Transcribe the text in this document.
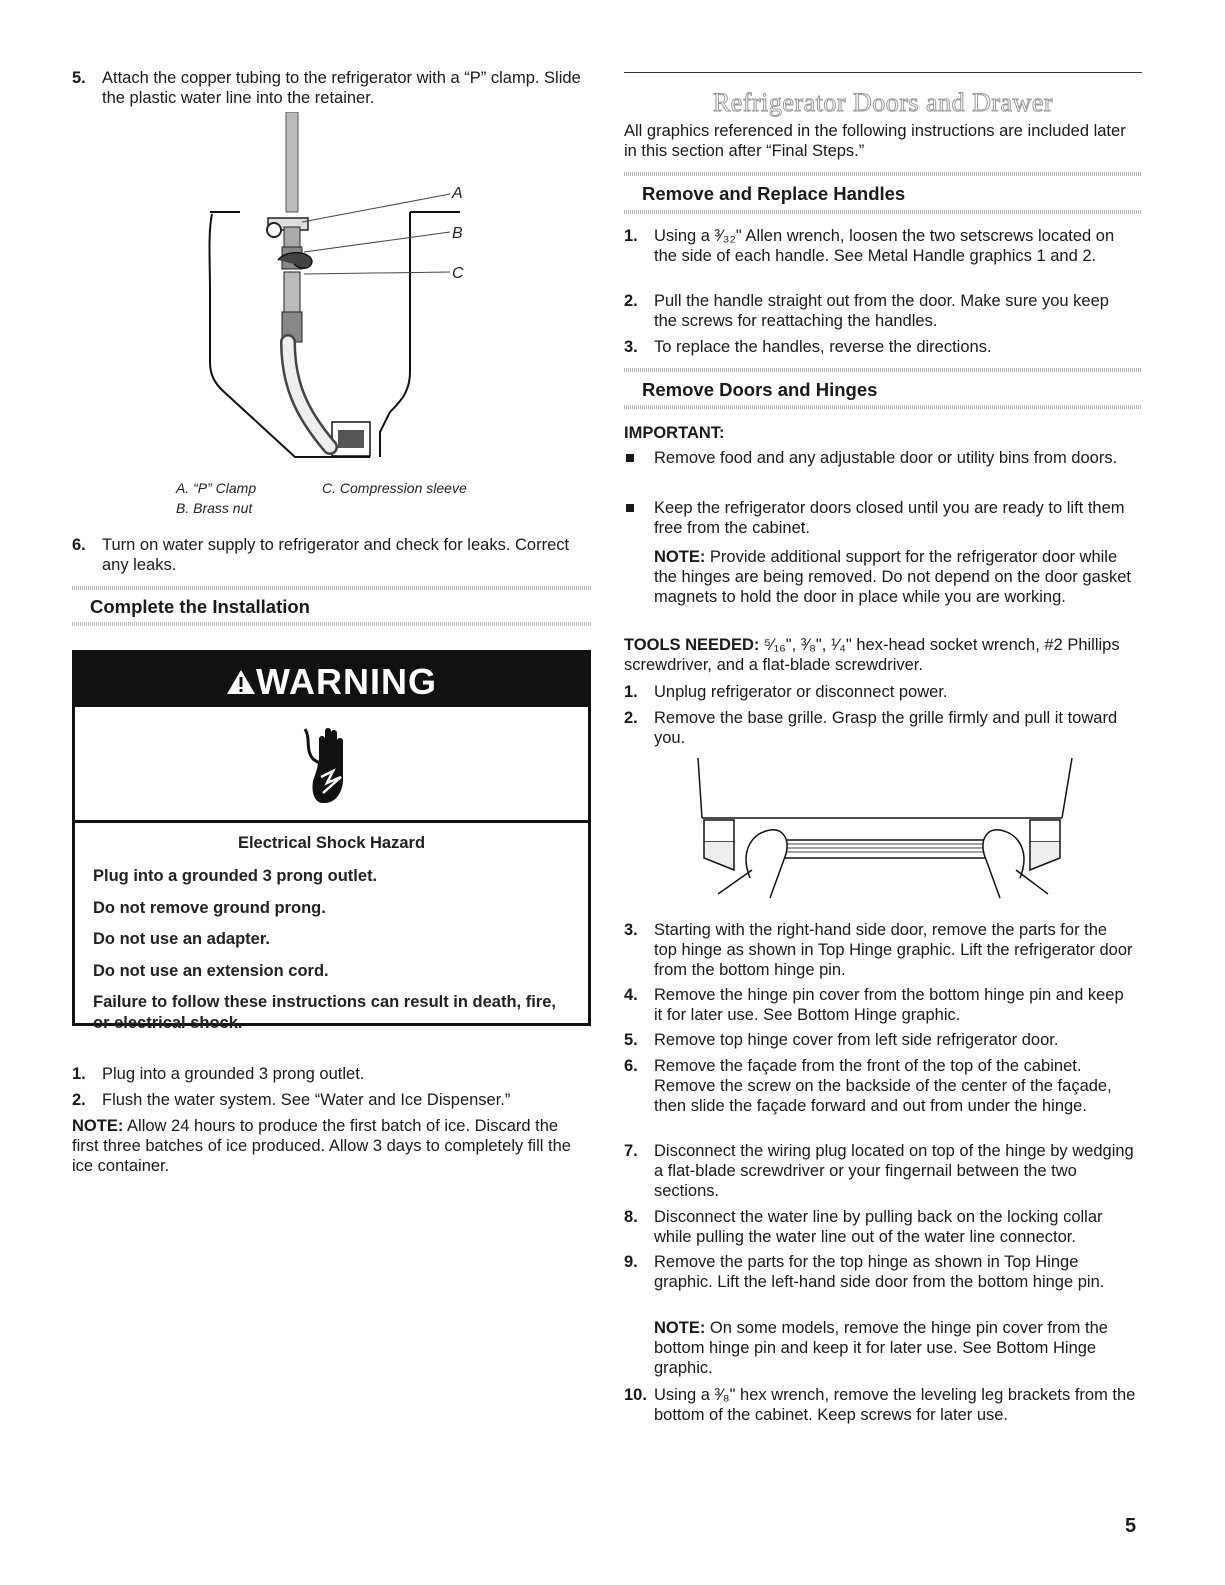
5. Attach the copper tubing to the refrigerator with a “P” clamp. Slide the plastic water line into the retainer.
A
B
C
A. “P” Clamp
B. Brass nut
C. Compression sleeve
6. Turn on water supply to refrigerator and check for leaks. Correct any leaks.
Complete the Installation
WARNING
Electrical Shock Hazard
Plug into a grounded 3 prong outlet.
Do not remove ground prong.
Do not use an adapter.
Do not use an extension cord.
Failure to follow these instructions can result in death, fire, or electrical shock.
1. Plug into a grounded 3 prong outlet.
2. Flush the water system. See “Water and Ice Dispenser.”
NOTE: Allow 24 hours to produce the first batch of ice. Discard the first three batches of ice produced. Allow 3 days to completely fill the ice container.
Refrigerator Doors and Drawer
All graphics referenced in the following instructions are included later in this section after “Final Steps.”
Remove and Replace Handles
1. Using a ³⁄₃₂" Allen wrench, loosen the two setscrews located on the side of each handle. See Metal Handle graphics 1 and 2.
2. Pull the handle straight out from the door. Make sure you keep the screws for reattaching the handles.
3. To replace the handles, reverse the directions.
Remove Doors and Hinges
IMPORTANT:
Remove food and any adjustable door or utility bins from doors.
Keep the refrigerator doors closed until you are ready to lift them free from the cabinet.
NOTE: Provide additional support for the refrigerator door while the hinges are being removed. Do not depend on the door gasket magnets to hold the door in place while you are working.
TOOLS NEEDED: ⁵⁄₁₆", ³⁄₈", ¹⁄₄" hex-head socket wrench, #2 Phillips screwdriver, and a flat-blade screwdriver.
1. Unplug refrigerator or disconnect power.
2. Remove the base grille. Grasp the grille firmly and pull it toward you.
3. Starting with the right-hand side door, remove the parts for the top hinge as shown in Top Hinge graphic. Lift the refrigerator door from the bottom hinge pin.
4. Remove the hinge pin cover from the bottom hinge pin and keep it for later use. See Bottom Hinge graphic.
5. Remove top hinge cover from left side refrigerator door.
6. Remove the façade from the front of the top of the cabinet. Remove the screw on the backside of the center of the façade, then slide the façade forward and out from under the hinge.
7. Disconnect the wiring plug located on top of the hinge by wedging a flat-blade screwdriver or your fingernail between the two sections.
8. Disconnect the water line by pulling back on the locking collar while pulling the water line out of the water line connector.
9. Remove the parts for the top hinge as shown in Top Hinge graphic. Lift the left-hand side door from the bottom hinge pin.
NOTE: On some models, remove the hinge pin cover from the bottom hinge pin and keep it for later use. See Bottom Hinge graphic.
10. Using a ³⁄₈" hex wrench, remove the leveling leg brackets from the bottom of the cabinet. Keep screws for later use.
5
